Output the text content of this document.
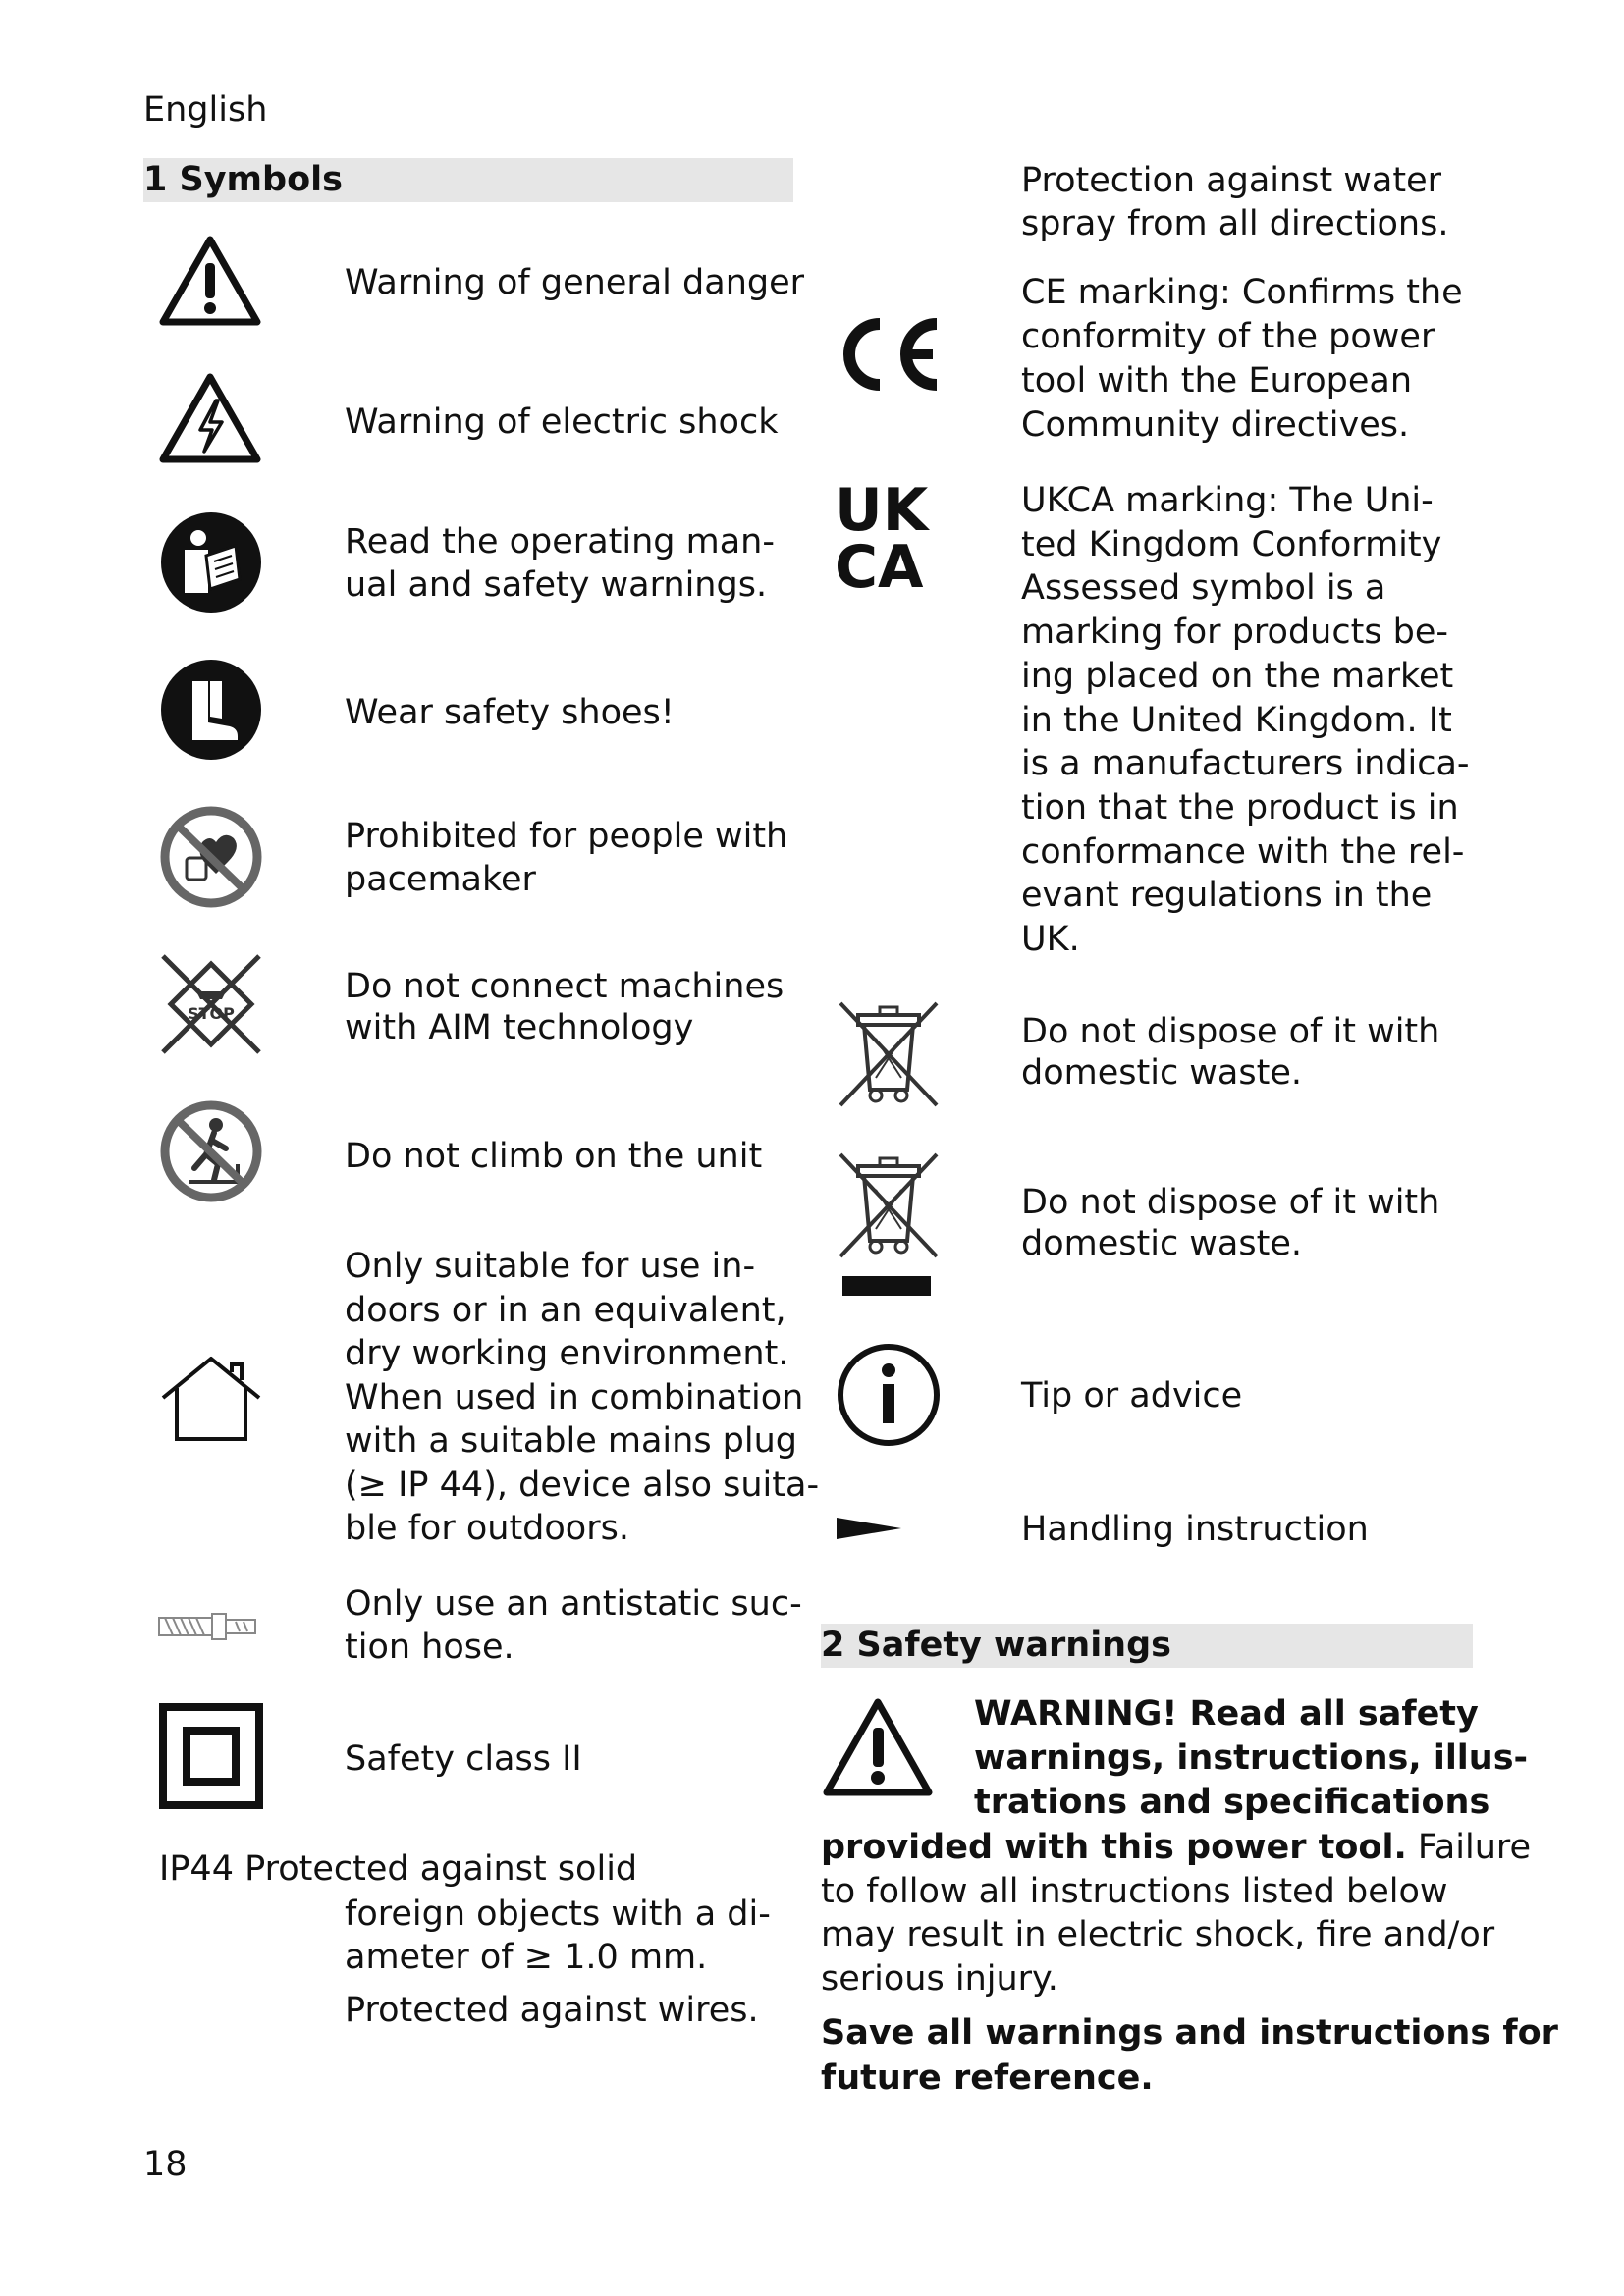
English
1 Symbols
STOP
Warning of general danger
Warning of electric shock
Read the operating man-
ual and safety warnings.
Wear safety shoes!
Prohibited for people with
pacemaker
Do not connect machines
with AIM technology
Do not climb on the unit
Only suitable for use in-
doors or in an equivalent,
dry working environment.
When used in combination
with a suitable mains plug
(≥ IP 44), device also suita-
ble for outdoors.
Only use an antistatic suc-
tion hose.
Safety class II
IP44 Protected against solid
foreign objects with a di-
ameter of ≥ 1.0 mm.
Protected against wires.
UK
CA
Protection against water
spray from all directions.
CE marking: Confirms the
conformity of the power
tool with the European
Community directives.
UKCA marking: The Uni-
ted Kingdom Conformity
Assessed symbol is a
marking for products be-
ing placed on the market
in the United Kingdom. It
is a manufacturers indica-
tion that the product is in
conformance with the rel-
evant regulations in the
UK.
Do not dispose of it with
domestic waste.
Do not dispose of it with
domestic waste.
Tip or advice
Handling instruction
2 Safety warnings
WARNING! Read all safety
warnings, instructions, illus-
trations and specifications
provided with this power tool. Failure
to follow all instructions listed below
may result in electric shock, fire and/or
serious injury.
Save all warnings and instructions for
future reference.
18
